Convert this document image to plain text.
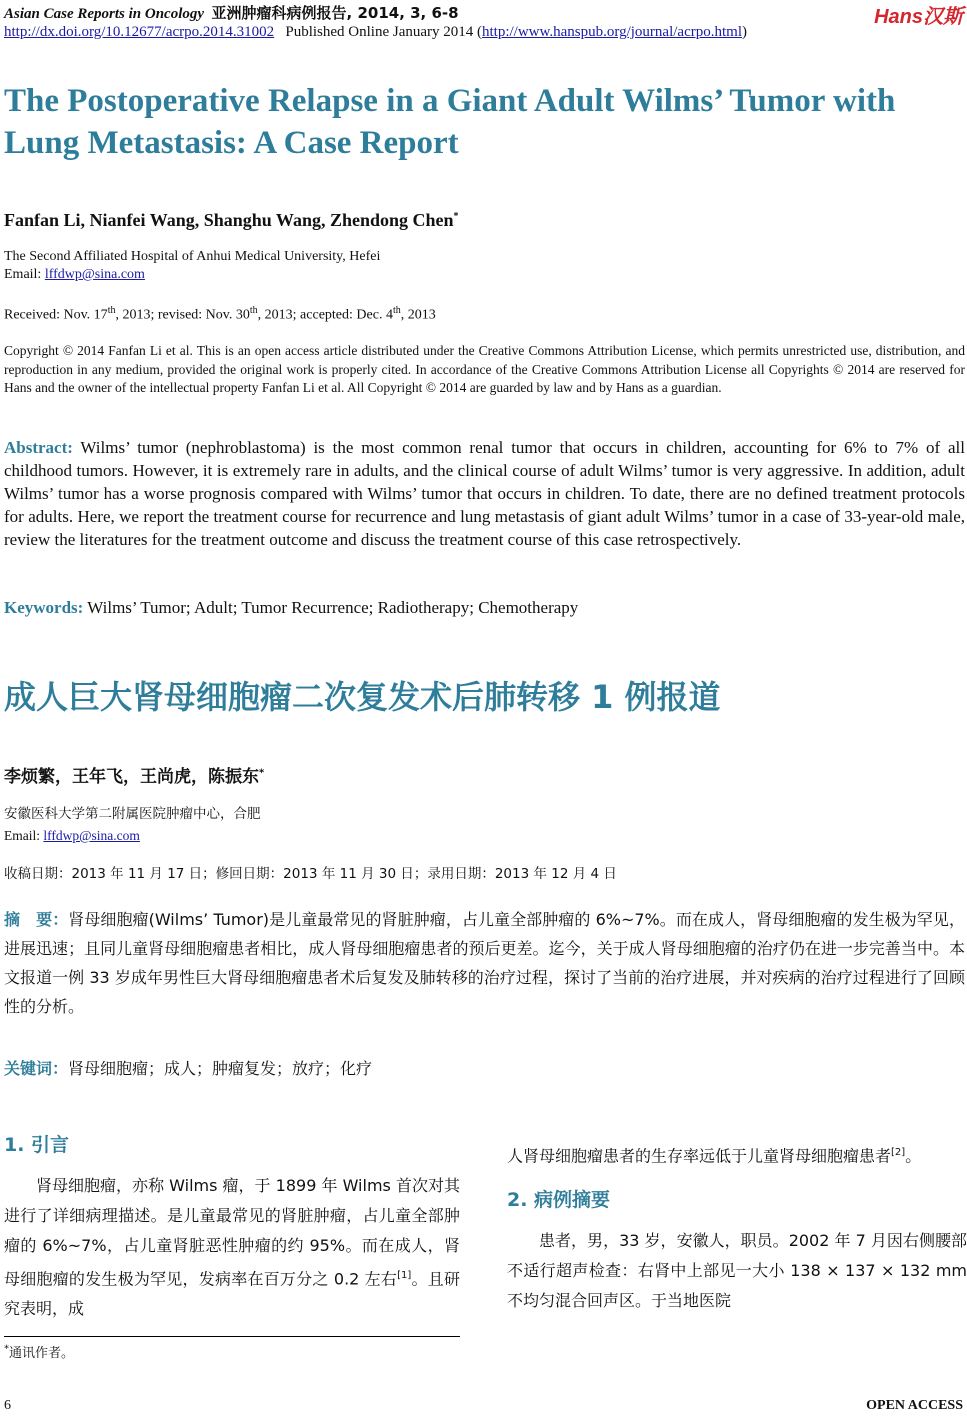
Asian Case Reports in Oncology 亚洲肿瘤科病例报告, 2014, 3, 6-8
http://dx.doi.org/10.12677/acrpo.2014.31002 Published Online January 2014 (http://www.hanspub.org/journal/acrpo.html)
Hans汉斯
The Postoperative Relapse in a Giant Adult Wilms’ Tumor with Lung Metastasis: A Case Report
Fanfan Li, Nianfei Wang, Shanghu Wang, Zhendong Chen*
The Second Affiliated Hospital of Anhui Medical University, Hefei
Email: lffdwp@sina.com
Received: Nov. 17th, 2013; revised: Nov. 30th, 2013; accepted: Dec. 4th, 2013
Copyright © 2014 Fanfan Li et al. This is an open access article distributed under the Creative Commons Attribution License, which permits unrestricted use, distribution, and reproduction in any medium, provided the original work is properly cited. In accordance of the Creative Commons Attribution License all Copyrights © 2014 are reserved for Hans and the owner of the intellectual property Fanfan Li et al. All Copyright © 2014 are guarded by law and by Hans as a guardian.
Abstract: Wilms’ tumor (nephroblastoma) is the most common renal tumor that occurs in children, accounting for 6% to 7% of all childhood tumors. However, it is extremely rare in adults, and the clinical course of adult Wilms’ tumor is very aggressive. In addition, adult Wilms’ tumor has a worse prognosis compared with Wilms’ tumor that occurs in children. To date, there are no defined treatment protocols for adults. Here, we report the treatment course for recurrence and lung metastasis of giant adult Wilms’ tumor in a case of 33-year-old male, review the literatures for the treatment outcome and discuss the treatment course of this case retrospectively.
Keywords: Wilms’ Tumor; Adult; Tumor Recurrence; Radiotherapy; Chemotherapy
成人巨大肾母细胞瘤二次复发术后肺转移 1 例报道
李烦繁，王年飞，王尚虎，陈振东*
安徽医科大学第二附属医院肿瘤中心，合肥
Email: lffdwp@sina.com
收稿日期：2013 年 11 月 17 日；修回日期：2013 年 11 月 30 日；录用日期：2013 年 12 月 4 日
摘　要：肾母细胞瘤(Wilms’ Tumor)是儿童最常见的肾脏肿瘤，占儿童全部肿瘤的 6%~7%。而在成人，肾母细胞瘤的发生极为罕见，进展迅速；且同儿童肾母细胞瘤患者相比，成人肾母细胞瘤患者的预后更差。迄今，关于成人肾母细胞瘤的治疗仍在进一步完善当中。本文报道一例 33 岁成年男性巨大肾母细胞瘤患者术后复发及肺转移的治疗过程，探讨了当前的治疗进展，并对疾病的治疗过程进行了回顾性的分析。
关键词：肾母细胞瘤；成人；肿瘤复发；放疗；化疗
1. 引言
肾母细胞瘤，亦称 Wilms 瘤，于 1899 年 Wilms 首次对其进行了详细病理描述。是儿童最常见的肾脏肿瘤，占儿童全部肿瘤的 6%~7%，占儿童肾脏恶性肿瘤的约 95%。而在成人，肾母细胞瘤的发生极为罕见，发病率在百万分之 0.2 左右[1]。且研究表明，成
人肾母细胞瘤患者的生存率远低于儿童肾母细胞瘤患者[2]。
2. 病例摘要
患者，男，33 岁，安徽人，职员。2002 年 7 月因右侧腰部不适行超声检查：右肾中上部见一大小 138 × 137 × 132 mm 不均匀混合回声区。于当地医院
*通讯作者。
6	OPEN ACCESS
